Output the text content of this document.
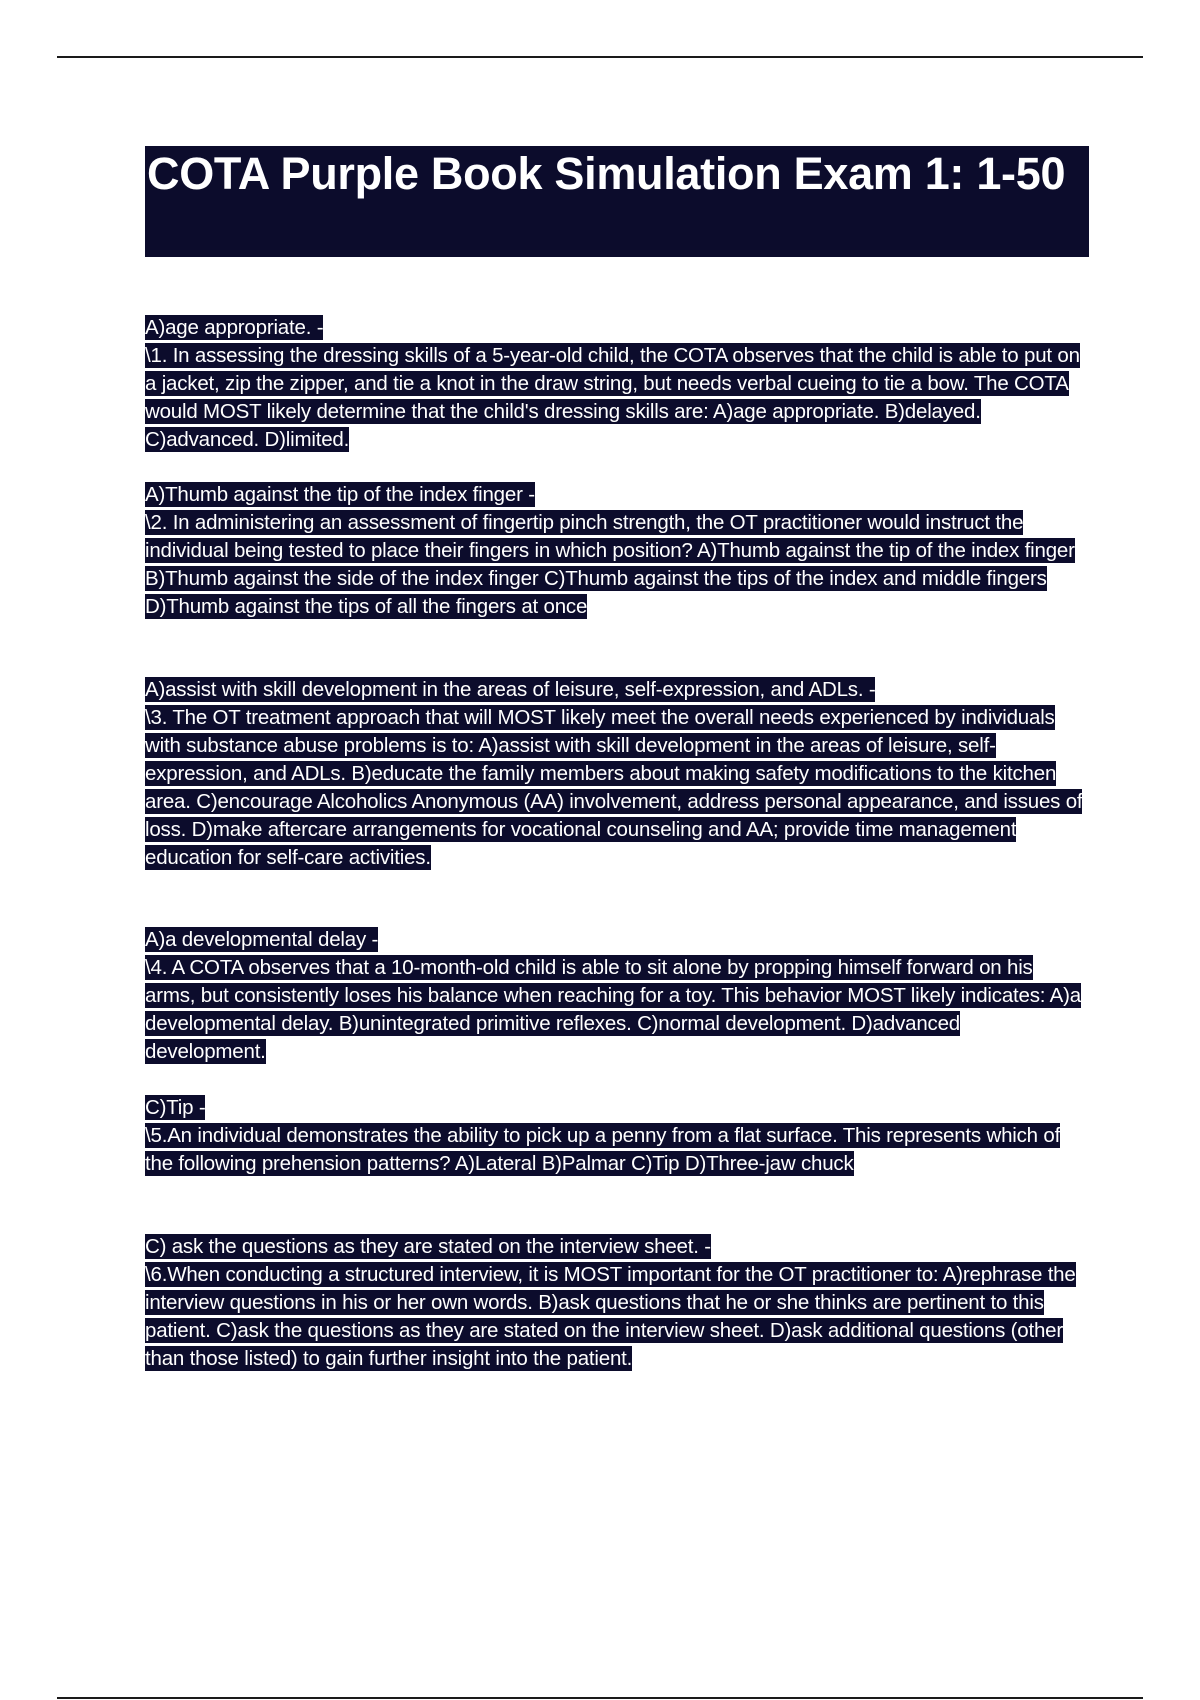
COTA Purple Book Simulation Exam 1: 1-50
A)age appropriate. -
\1. In assessing the dressing skills of a 5-year-old child, the COTA observes that the child is able to put on a jacket, zip the zipper, and tie a knot in the draw string, but needs verbal cueing to tie a bow. The COTA would MOST likely determine that the child's dressing skills are: A)age appropriate. B)delayed. C)advanced. D)limited.
A)Thumb against the tip of the index finger -
\2. In administering an assessment of fingertip pinch strength, the OT practitioner would instruct the individual being tested to place their fingers in which position? A)Thumb against the tip of the index finger B)Thumb against the side of the index finger C)Thumb against the tips of the index and middle fingers D)Thumb against the tips of all the fingers at once
A)assist with skill development in the areas of leisure, self-expression, and ADLs. -
\3. The OT treatment approach that will MOST likely meet the overall needs experienced by individuals with substance abuse problems is to: A)assist with skill development in the areas of leisure, self-expression, and ADLs. B)educate the family members about making safety modifications to the kitchen area. C)encourage Alcoholics Anonymous (AA) involvement, address personal appearance, and issues of loss. D)make aftercare arrangements for vocational counseling and AA; provide time management education for self-care activities.
A)a developmental delay -
\4. A COTA observes that a 10-month-old child is able to sit alone by propping himself forward on his arms, but consistently loses his balance when reaching for a toy. This behavior MOST likely indicates: A)a developmental delay. B)unintegrated primitive reflexes. C)normal development. D)advanced development.
C)Tip -
\5.An individual demonstrates the ability to pick up a penny from a flat surface. This represents which of the following prehension patterns? A)Lateral B)Palmar C)Tip D)Three-jaw chuck
C) ask the questions as they are stated on the interview sheet. -
\6.When conducting a structured interview, it is MOST important for the OT practitioner to: A)rephrase the interview questions in his or her own words. B)ask questions that he or she thinks are pertinent to this patient. C)ask the questions as they are stated on the interview sheet. D)ask additional questions (other than those listed) to gain further insight into the patient.
